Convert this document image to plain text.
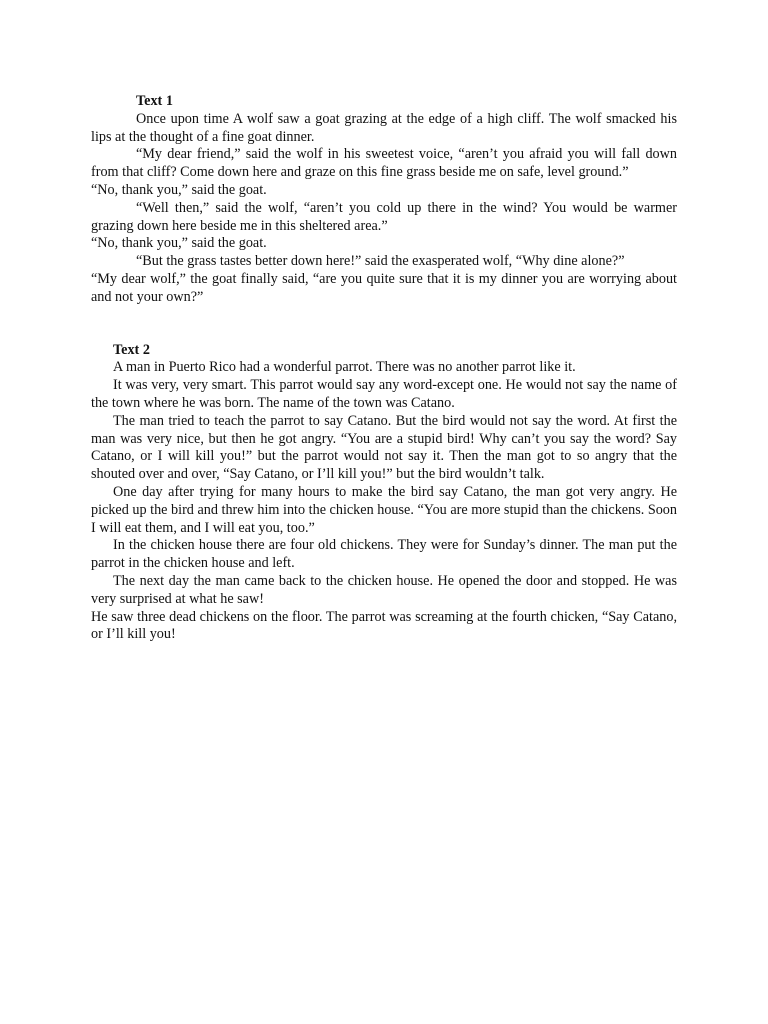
Text 1

Once upon time A wolf saw a goat grazing at the edge of a high cliff. The wolf smacked his lips at the thought of a fine goat dinner.

“My dear friend,” said the wolf in his sweetest voice, “aren’t you afraid you will fall down from that cliff? Come down here and graze on this fine grass beside me on safe, level ground.”

“No, thank you,” said the goat.

“Well then,” said the wolf, “aren’t you cold up there in the wind? You would be warmer grazing down here beside me in this sheltered area.”

“No, thank you,” said the goat.

“But the grass tastes better down here!” said the exasperated wolf, “Why dine alone?”

“My dear wolf,” the goat finally said, “are you quite sure that it is my dinner you are worrying about and not your own?”

Text 2

A man in Puerto Rico had a wonderful parrot. There was no another parrot like it.

It was very, very smart. This parrot would say any word-except one. He would not say the name of the town where he was born. The name of the town was Catano.

The man tried to teach the parrot to say Catano. But the bird would not say the word. At first the man was very nice, but then he got angry. “You are a stupid bird! Why can’t you say the word? Say Catano, or I will kill you!” but the parrot would not say it. Then the man got to so angry that the shouted over and over, “Say Catano, or I’ll kill you!” but the bird wouldn’t talk.

One day after trying for many hours to make the bird say Catano, the man got very angry. He picked up the bird and threw him into the chicken house. “You are more stupid than the chickens. Soon I will eat them, and I will eat you, too.”

In the chicken house there are four old chickens. They were for Sunday’s dinner. The man put the parrot in the chicken house and left.

The next day the man came back to the chicken house. He opened the door and stopped. He was very surprised at what he saw!

He saw three dead chickens on the floor. The parrot was screaming at the fourth chicken, “Say Catano, or I’ll kill you!
